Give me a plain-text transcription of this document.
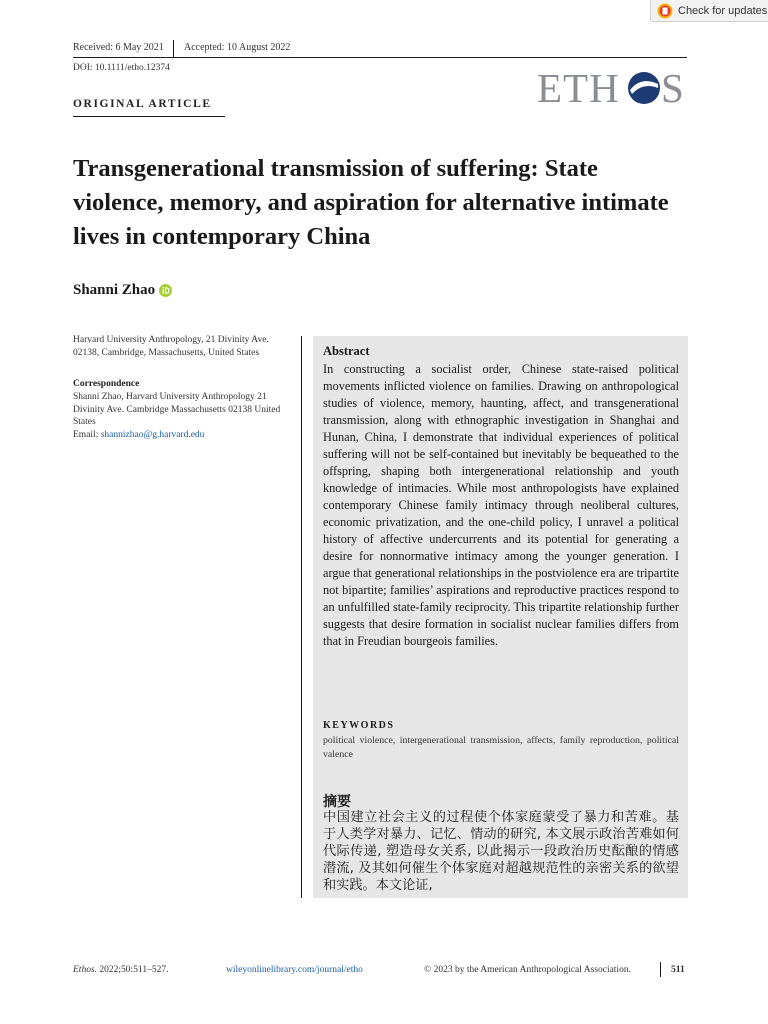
Check for updates
Received: 6 May 2021 Accepted: 10 August 2022
DOI: 10.1111/etho.12374	ETH S
ORIGINAL ARTICLE
Transgenerational transmission of suffering: State violence, memory, and aspiration for alternative intimate lives in contemporary China
Shanni Zhao
Harvard University Anthropology, 21 Divinity Ave. 02138, Cambridge, Massachusetts, United States
Correspondence
Shanni Zhao, Harvard University Anthropology 21 Divinity Ave. Cambridge Massachusetts 02138 United States
Email: shannizhao@g.harvard.edu
Abstract

In constructing a socialist order, Chinese state-raised political movements inflicted violence on families. Drawing on anthropological studies of violence, memory, haunting, affect, and transgenerational transmission, along with ethnographic investigation in Shanghai and Hunan, China, I demonstrate that individual experiences of political suffering will not be self-contained but inevitably be bequeathed to the offspring, shaping both intergenerational relationship and youth knowledge of intimacies. While most anthropologists have explained contemporary Chinese family intimacy through neoliberal cultures, economic privatization, and the one-child policy, I unravel a political history of affective undercurrents and its potential for generating a desire for nonnormative intimacy among the younger generation. I argue that generational relationships in the postviolence era are tripartite not bipartite; families’ aspirations and reproductive practices respond to an unfulfilled state-family reciprocity. This tripartite relationship further suggests that desire formation in socialist nuclear families differs from that in Freudian bourgeois families.

KEYWORDS

political violence, intergenerational transmission, affects, family reproduction, political valence

摘要

中国建立社会主义的过程使个体家庭蒙受了暴力和苦难。基于人类学对暴力、记忆、情动的研究, 本文展示政治苦难如何代际传递, 塑造母女关系, 以此揭示一段政治历史酝酿的情感潜流, 及其如何催生个体家庭对超越规范性的亲密关系的欲望和实践。本文论证,

Ethos. 2022;50:511–527.	wileyonlinelibrary.com/journal/etho	© 2023 by the American Anthropological Association.	511
